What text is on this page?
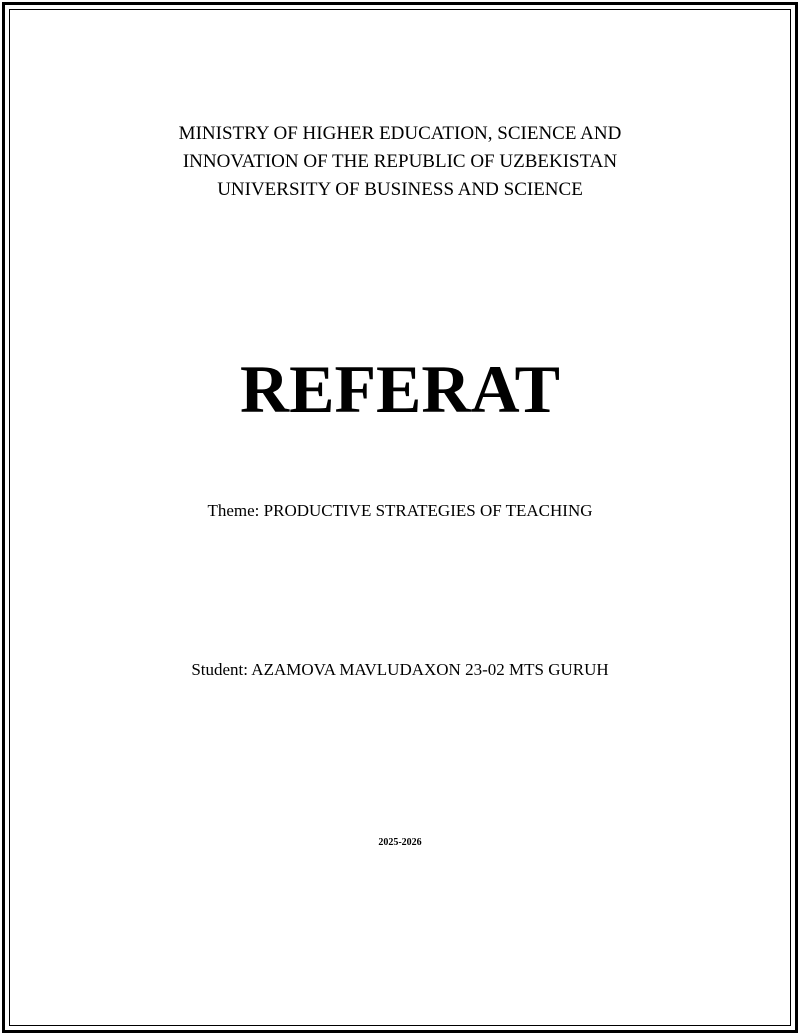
MINISTRY OF HIGHER EDUCATION, SCIENCE AND
INNOVATION OF THE REPUBLIC OF UZBEKISTAN
UNIVERSITY OF BUSINESS AND SCIENCE
REFERAT
Theme: PRODUCTIVE STRATEGIES OF TEACHING
Student: AZAMOVA MAVLUDAXON 23-02 MTS GURUH
2025-2026
